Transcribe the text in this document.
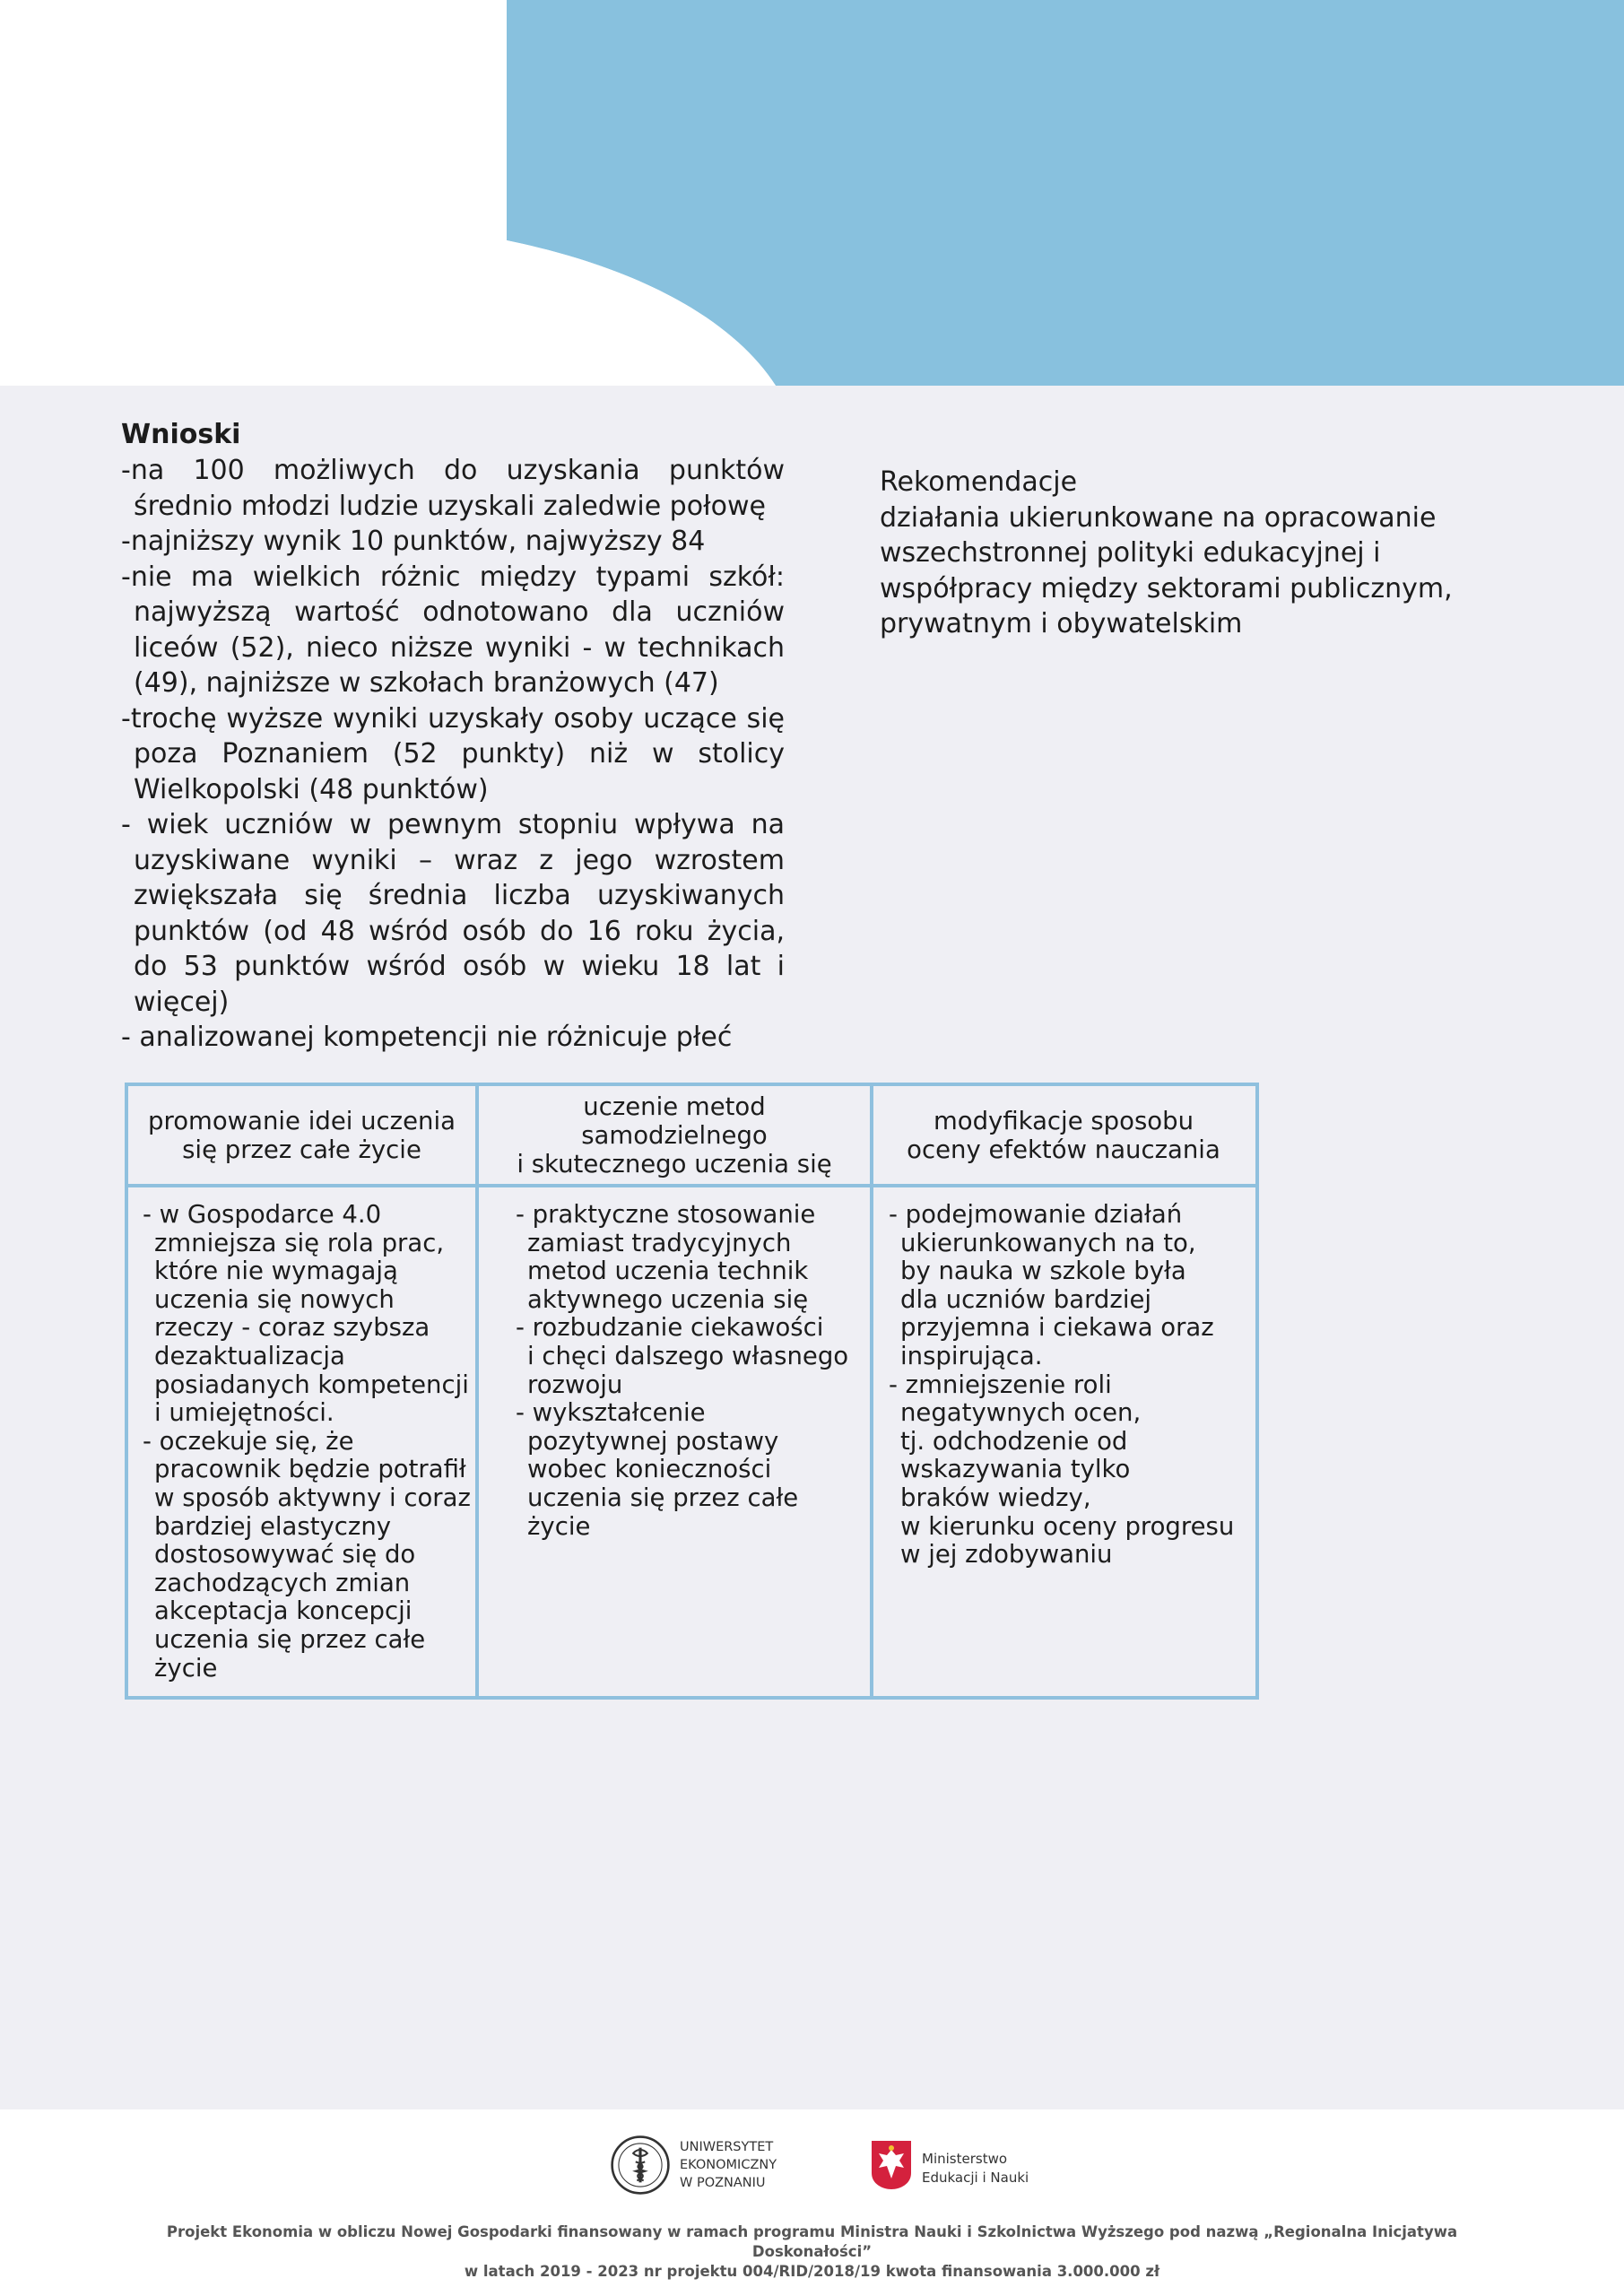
UNIWERSYTET
EKONOMICZNY
W POZNANIU
Wnioski
-na 100 możliwych do uzyskania punktów średnio młodzi ludzie uzyskali zaledwie połowę
-najniższy wynik 10 punktów, najwyższy 84
-nie ma wielkich różnic między typami szkół: najwyższą wartość odnotowano dla uczniów liceów (52), nieco niższe wyniki - w technikach (49), najniższe w szkołach branżowych (47)
-trochę wyższe wyniki uzyskały osoby uczące się poza Poznaniem (52 punkty) niż w stolicy Wielkopolski (48 punktów)
- wiek uczniów w pewnym stopniu wpływa na uzyskiwane wyniki – wraz z jego wzrostem zwiększała się średnia liczba uzyskiwanych punktów (od 48 wśród osób do 16 roku życia, do 53 punktów wśród osób w wieku 18 lat i więcej)
- analizowanej kompetencji nie różnicuje płeć
Rekomendacje
działania ukierunkowane na opracowanie wszechstronnej polityki edukacyjnej i współpracy między sektorami publicznym, prywatnym i obywatelskim
promowanie idei uczenia
się przez całe życie
uczenie metod
samodzielnego
i skutecznego uczenia się
modyfikacje sposobu
oceny efektów nauczania
- w Gospodarce 4.0
zmniejsza się rola prac,
które nie wymagają
uczenia się nowych
rzeczy - coraz szybsza
dezaktualizacja
posiadanych kompetencji
i umiejętności.
- oczekuje się, że
pracownik będzie potrafił
w sposób aktywny i coraz
bardziej elastyczny
dostosowywać się do
zachodzących zmian
akceptacja koncepcji
uczenia się przez całe
życie
- praktyczne stosowanie
zamiast tradycyjnych
metod uczenia technik
aktywnego uczenia się
- rozbudzanie ciekawości
i chęci dalszego własnego
rozwoju
- wykształcenie
pozytywnej postawy
wobec konieczności
uczenia się przez całe
życie
- podejmowanie działań
ukierunkowanych na to,
by nauka w szkole była
dla uczniów bardziej
przyjemna i ciekawa oraz
inspirująca.
- zmniejszenie roli
negatywnych ocen,
tj. odchodzenie od
wskazywania tylko
braków wiedzy,
w kierunku oceny progresu
w jej zdobywaniu
UNIWERSYTET
EKONOMICZNY
W POZNANIU
Ministerstwo
Edukacji i Nauki
Projekt Ekonomia w obliczu Nowej Gospodarki finansowany w ramach programu Ministra Nauki i Szkolnictwa Wyższego pod nazwą „Regionalna Inicjatywa Doskonałości”
w latach 2019 - 2023 nr projektu 004/RID/2018/19 kwota finansowania 3.000.000 zł
